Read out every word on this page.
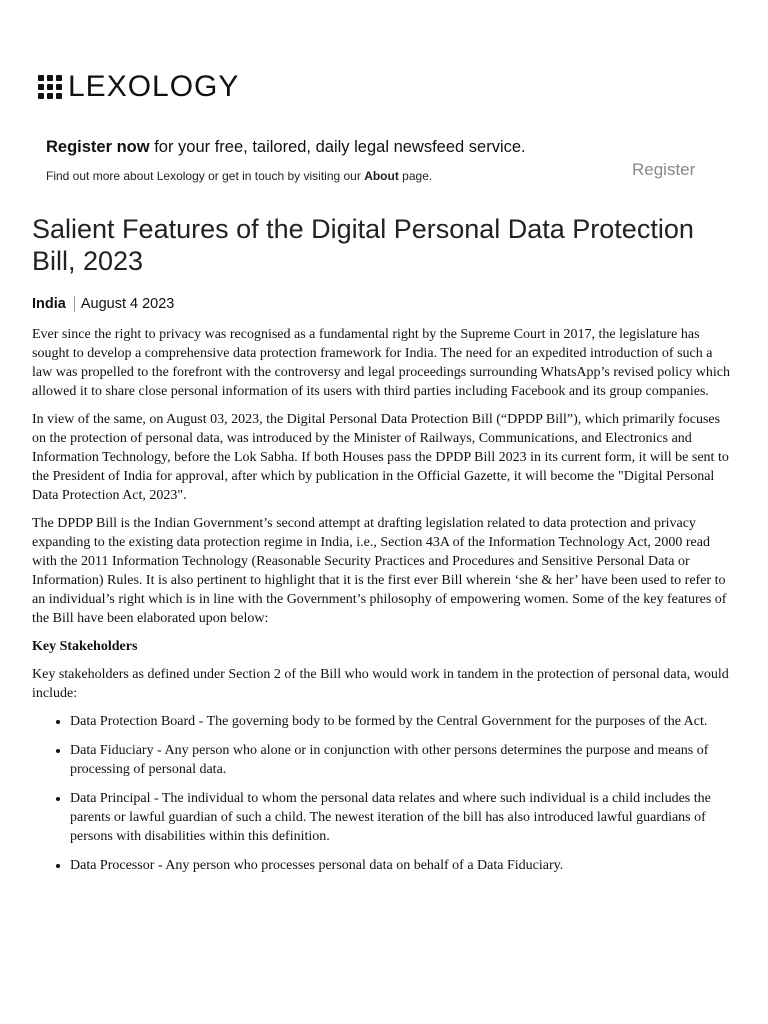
LEXOLOGY

Register now for your free, tailored, daily legal newsfeed service.

Find out more about Lexology or get in touch by visiting our About page.	Register
Salient Features of the Digital Personal Data Protection Bill, 2023
India	August 4 2023

Ever since the right to privacy was recognised as a fundamental right by the Supreme Court in 2017, the legislature has sought to develop a comprehensive data protection framework for India. The need for an expedited introduction of such a law was propelled to the forefront with the controversy and legal proceedings surrounding WhatsApp’s revised policy which allowed it to share close personal information of its users with third parties including Facebook and its group companies.

In view of the same, on August 03, 2023, the Digital Personal Data Protection Bill (“DPDP Bill”), which primarily focuses on the protection of personal data, was introduced by the Minister of Railways, Communications, and Electronics and Information Technology, before the Lok Sabha. If both Houses pass the DPDP Bill 2023 in its current form, it will be sent to the President of India for approval, after which by publication in the Official Gazette, it will become the "Digital Personal Data Protection Act, 2023".

The DPDP Bill is the Indian Government’s second attempt at drafting legislation related to data protection and privacy expanding to the existing data protection regime in India, i.e., Section 43A of the Information Technology Act, 2000 read with the 2011 Information Technology (Reasonable Security Practices and Procedures and Sensitive Personal Data or Information) Rules. It is also pertinent to highlight that it is the first ever Bill wherein ‘she & her’ have been used to refer to an individual’s right which is in line with the Government’s philosophy of empowering women. Some of the key features of the Bill have been elaborated upon below:

Key Stakeholders

Key stakeholders as defined under Section 2 of the Bill who would work in tandem in the protection of personal data, would include:

• Data Protection Board - The governing body to be formed by the Central Government for the purposes of the Act.
• Data Fiduciary - Any person who alone or in conjunction with other persons determines the purpose and means of processing of personal data.
• Data Principal - The individual to whom the personal data relates and where such individual is a child includes the parents or lawful guardian of such a child. The newest iteration of the bill has also introduced lawful guardians of persons with disabilities within this definition.
• Data Processor - Any person who processes personal data on behalf of a Data Fiduciary.
